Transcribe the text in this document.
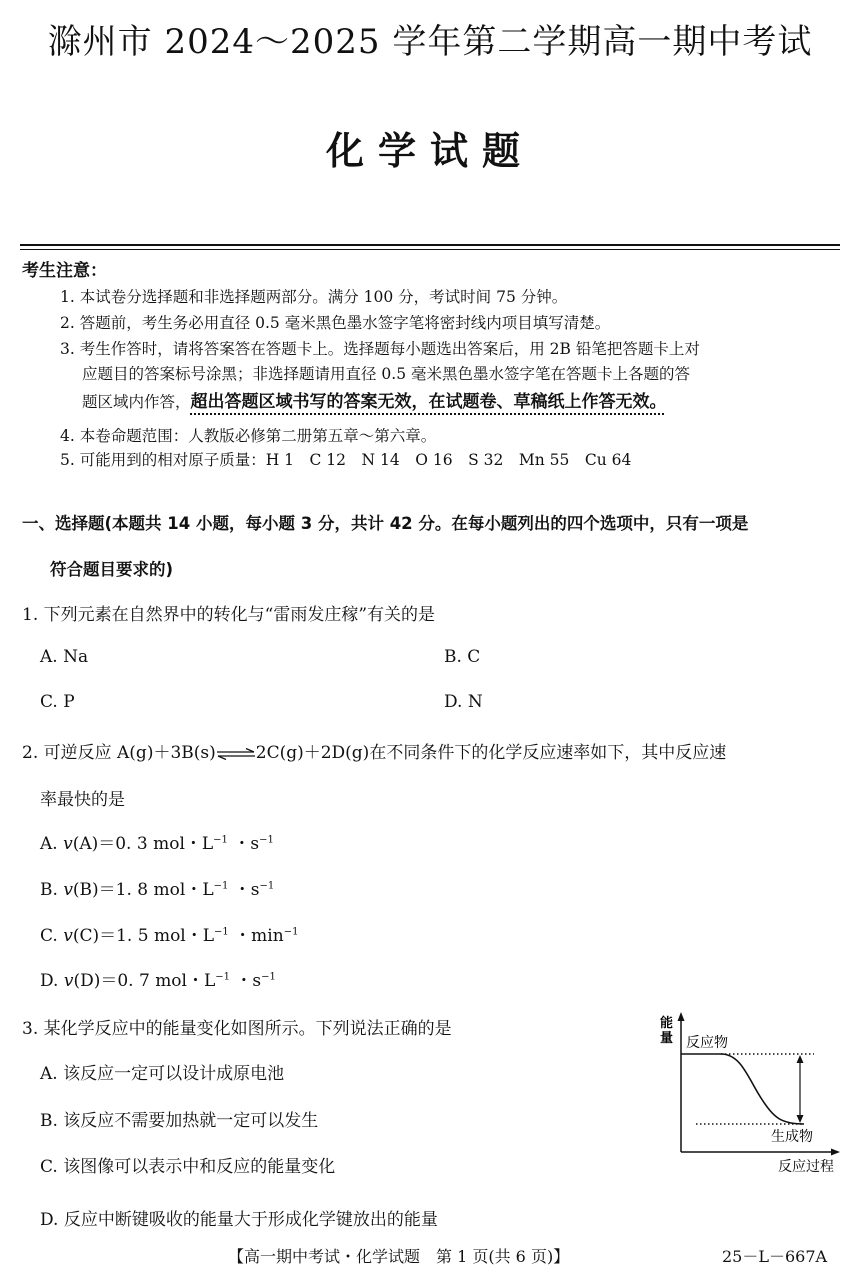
滁州市 2024～2025 学年第二学期高一期中考试
化学试题
考生注意：
1. 本试卷分选择题和非选择题两部分。满分 100 分，考试时间 75 分钟。
2. 答题前，考生务必用直径 0.5 毫米黑色墨水签字笔将密封线内项目填写清楚。
3. 考生作答时，请将答案答在答题卡上。选择题每小题选出答案后，用 2B 铅笔把答题卡上对
应题目的答案标号涂黑；非选择题请用直径 0.5 毫米黑色墨水签字笔在答题卡上各题的答
题区域内作答，超出答题区域书写的答案无效，在试题卷、草稿纸上作答无效。
4. 本卷命题范围：人教版必修第二册第五章～第六章。
5. 可能用到的相对原子质量：H 1　C 12　N 14　O 16　S 32　Mn 55　Cu 64
一、选择题(本题共 14 小题，每小题 3 分，共计 42 分。在每小题列出的四个选项中，只有一项是
符合题目要求的)
1. 下列元素在自然界中的转化与“雷雨发庄稼”有关的是
A. Na	B. C
C. P	D. N
2. 可逆反应 A(g)＋3B(s)⇌2C(g)＋2D(g)在不同条件下的化学反应速率如下，其中反应速
率最快的是
A. v(A)＝0. 3 mol・$L^{-1}$ ・$s^{-1}$
B. v(B)＝1. 8 mol・$L^{-1}$ ・$s^{-1}$
C. v(C)＝1. 5 mol・$L^{-1}$ ・$\min^{-1}$
D. v(D)＝0. 7 mol・$L^{-1}$ ・$s^{-1}$
3. 某化学反应中的能量变化如图所示。下列说法正确的是
A. 该反应一定可以设计成原电池
B. 该反应不需要加热就一定可以发生
C. 该图像可以表示中和反应的能量变化
D. 反应中断键吸收的能量大于形成化学键放出的能量
能
量 反应物
生成物
反应过程
【高一期中考试・化学试题　第 1 页(共 6 页)】	25－L－667A
